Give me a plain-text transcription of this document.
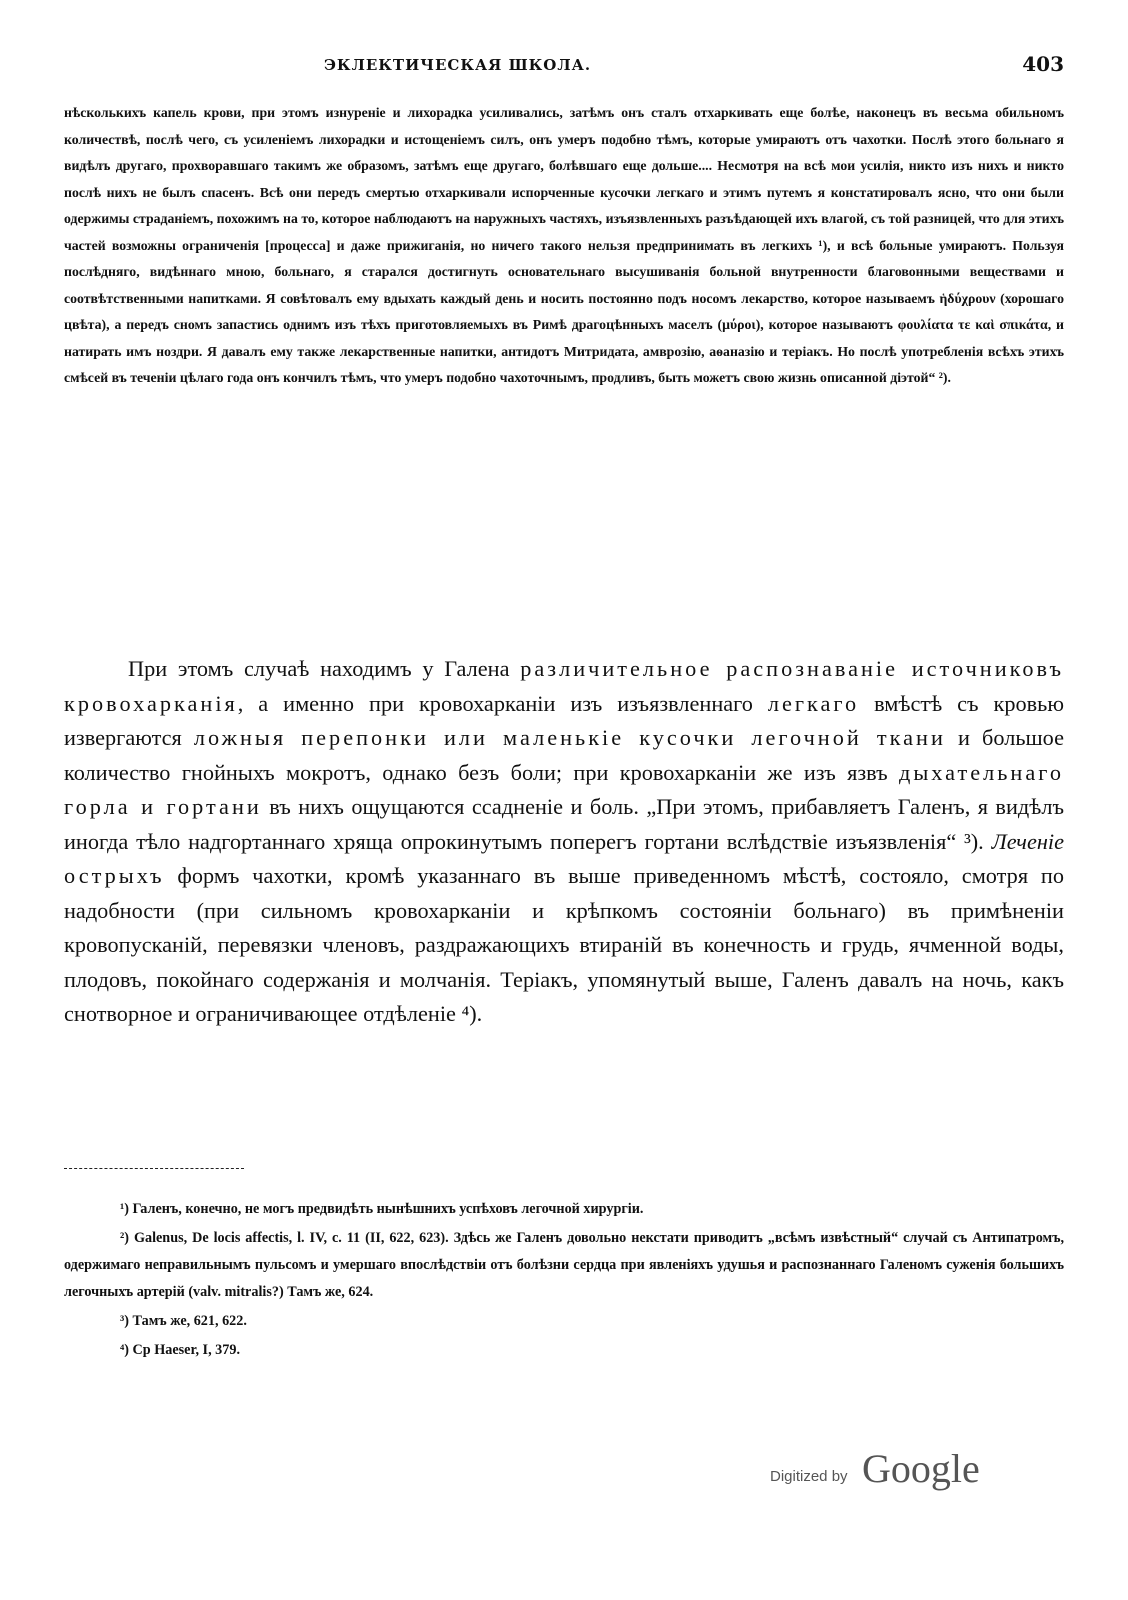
ЭКЛЕКТИЧЕСКАЯ ШКОЛА.	403

нѣсколькихъ капель крови, при этомъ изнуреніе и лихорадка усиливались, затѣмъ онъ сталъ отхаркивать еще болѣе, наконецъ въ весьма обильномъ количествѣ, послѣ чего, съ усиленіемъ лихорадки и истощеніемъ силъ, онъ умеръ подобно тѣмъ, которые умираютъ отъ чахотки. Послѣ этого больнаго я видѣлъ другаго, прохворавшаго такимъ же образомъ, затѣмъ еще другаго, болѣвшаго еще дольше.... Несмотря на всѣ мои усилія, никто изъ нихъ и никто послѣ нихъ не былъ спасенъ. Всѣ они передъ смертью отхаркивали испорченные кусочки легкаго и этимъ путемъ я констатировалъ ясно, что они были одержимы страданіемъ, похожимъ на то, которое наблюдаютъ на наружныхъ частяхъ, изъязвленныхъ разъѣдающей ихъ влагой, съ той разницей, что для этихъ частей возможны ограниченія [процесса] и даже прижиганія, но ничего такого нельзя предпринимать въ легкихъ ¹), и всѣ больные умираютъ. Пользуя послѣдняго, видѣннаго мною, больнаго, я старался достигнуть основательнаго высушиванія больной внутренности благовонными веществами и соотвѣтственными напитками. Я совѣтовалъ ему вдыхать каждый день и носить постоянно подъ носомъ лекарство, которое называемъ ἡδύχρουν (хорошаго цвѣта), а передъ сномъ запастись однимъ изъ тѣхъ приготовляемыхъ въ Римѣ драгоцѣнныхъ маселъ (μύροι), которое называютъ φουλίατα τε καὶ σπικάτα, и натирать имъ ноздри. Я давалъ ему также лекарственные напитки, антидотъ Митридата, амврозію, аѳаназію и теріакъ. Но послѣ употребленія всѣхъ этихъ смѣсей въ теченіи цѣлаго года онъ кончилъ тѣмъ, что умеръ подобно чахоточнымъ, продливъ, быть можетъ свою жизнь описанной діэтой“ ²).

При этомъ случаѣ находимъ у Галена различительное распознаваніе источниковъ кровохарканія, а именно при кровохарканіи изъ изъязвленнаго легкаго вмѣстѣ съ кровью извергаются ложныя перепонки или маленькіе кусочки легочной ткани и большое количество гнойныхъ мокротъ, однако безъ боли; при кровохарканіи же изъ язвъ дыхательнаго горла и гортани въ нихъ ощущаются ссадненіе и боль. „При этомъ, прибавляетъ Галенъ, я видѣлъ иногда тѣло надгортаннаго хряща опрокинутымъ поперегъ гортани вслѣдствіе изъязвленія“ ³). Леченіе острыхъ формъ чахотки, кромѣ указаннаго въ выше приведенномъ мѣстѣ, состояло, смотря по надобности (при сильномъ кровохарканіи и крѣпкомъ состояніи больнаго) въ примѣненіи кровопусканій, перевязки членовъ, раздражающихъ втираній въ конечность и грудь, ячменной воды, плодовъ, покойнаго содержанія и молчанія. Теріакъ, упомянутый выше, Галенъ давалъ на ночь, какъ снотворное и ограничивающее отдѣленіе ⁴).

¹) Галенъ, конечно, не могъ предвидѣть нынѣшнихъ успѣховъ легочной хирургіи.

²) Galenus, De locis affectis, l. IV, c. 11 (II, 622, 623). Здѣсь же Галенъ довольно некстати приводитъ „всѣмъ извѣстный“ случай съ Антипатромъ, одержимаго неправильнымъ пульсомъ и умершаго впослѣдствіи отъ болѣзни сердца при явленіяхъ удушья и распознаннаго Галеномъ суженія большихъ легочныхъ артерій (valv. mitralis?) Тамъ же, 624.

³) Тамъ же, 621, 622.

⁴) Ср Haeser, I, 379.

Digitized by Google
